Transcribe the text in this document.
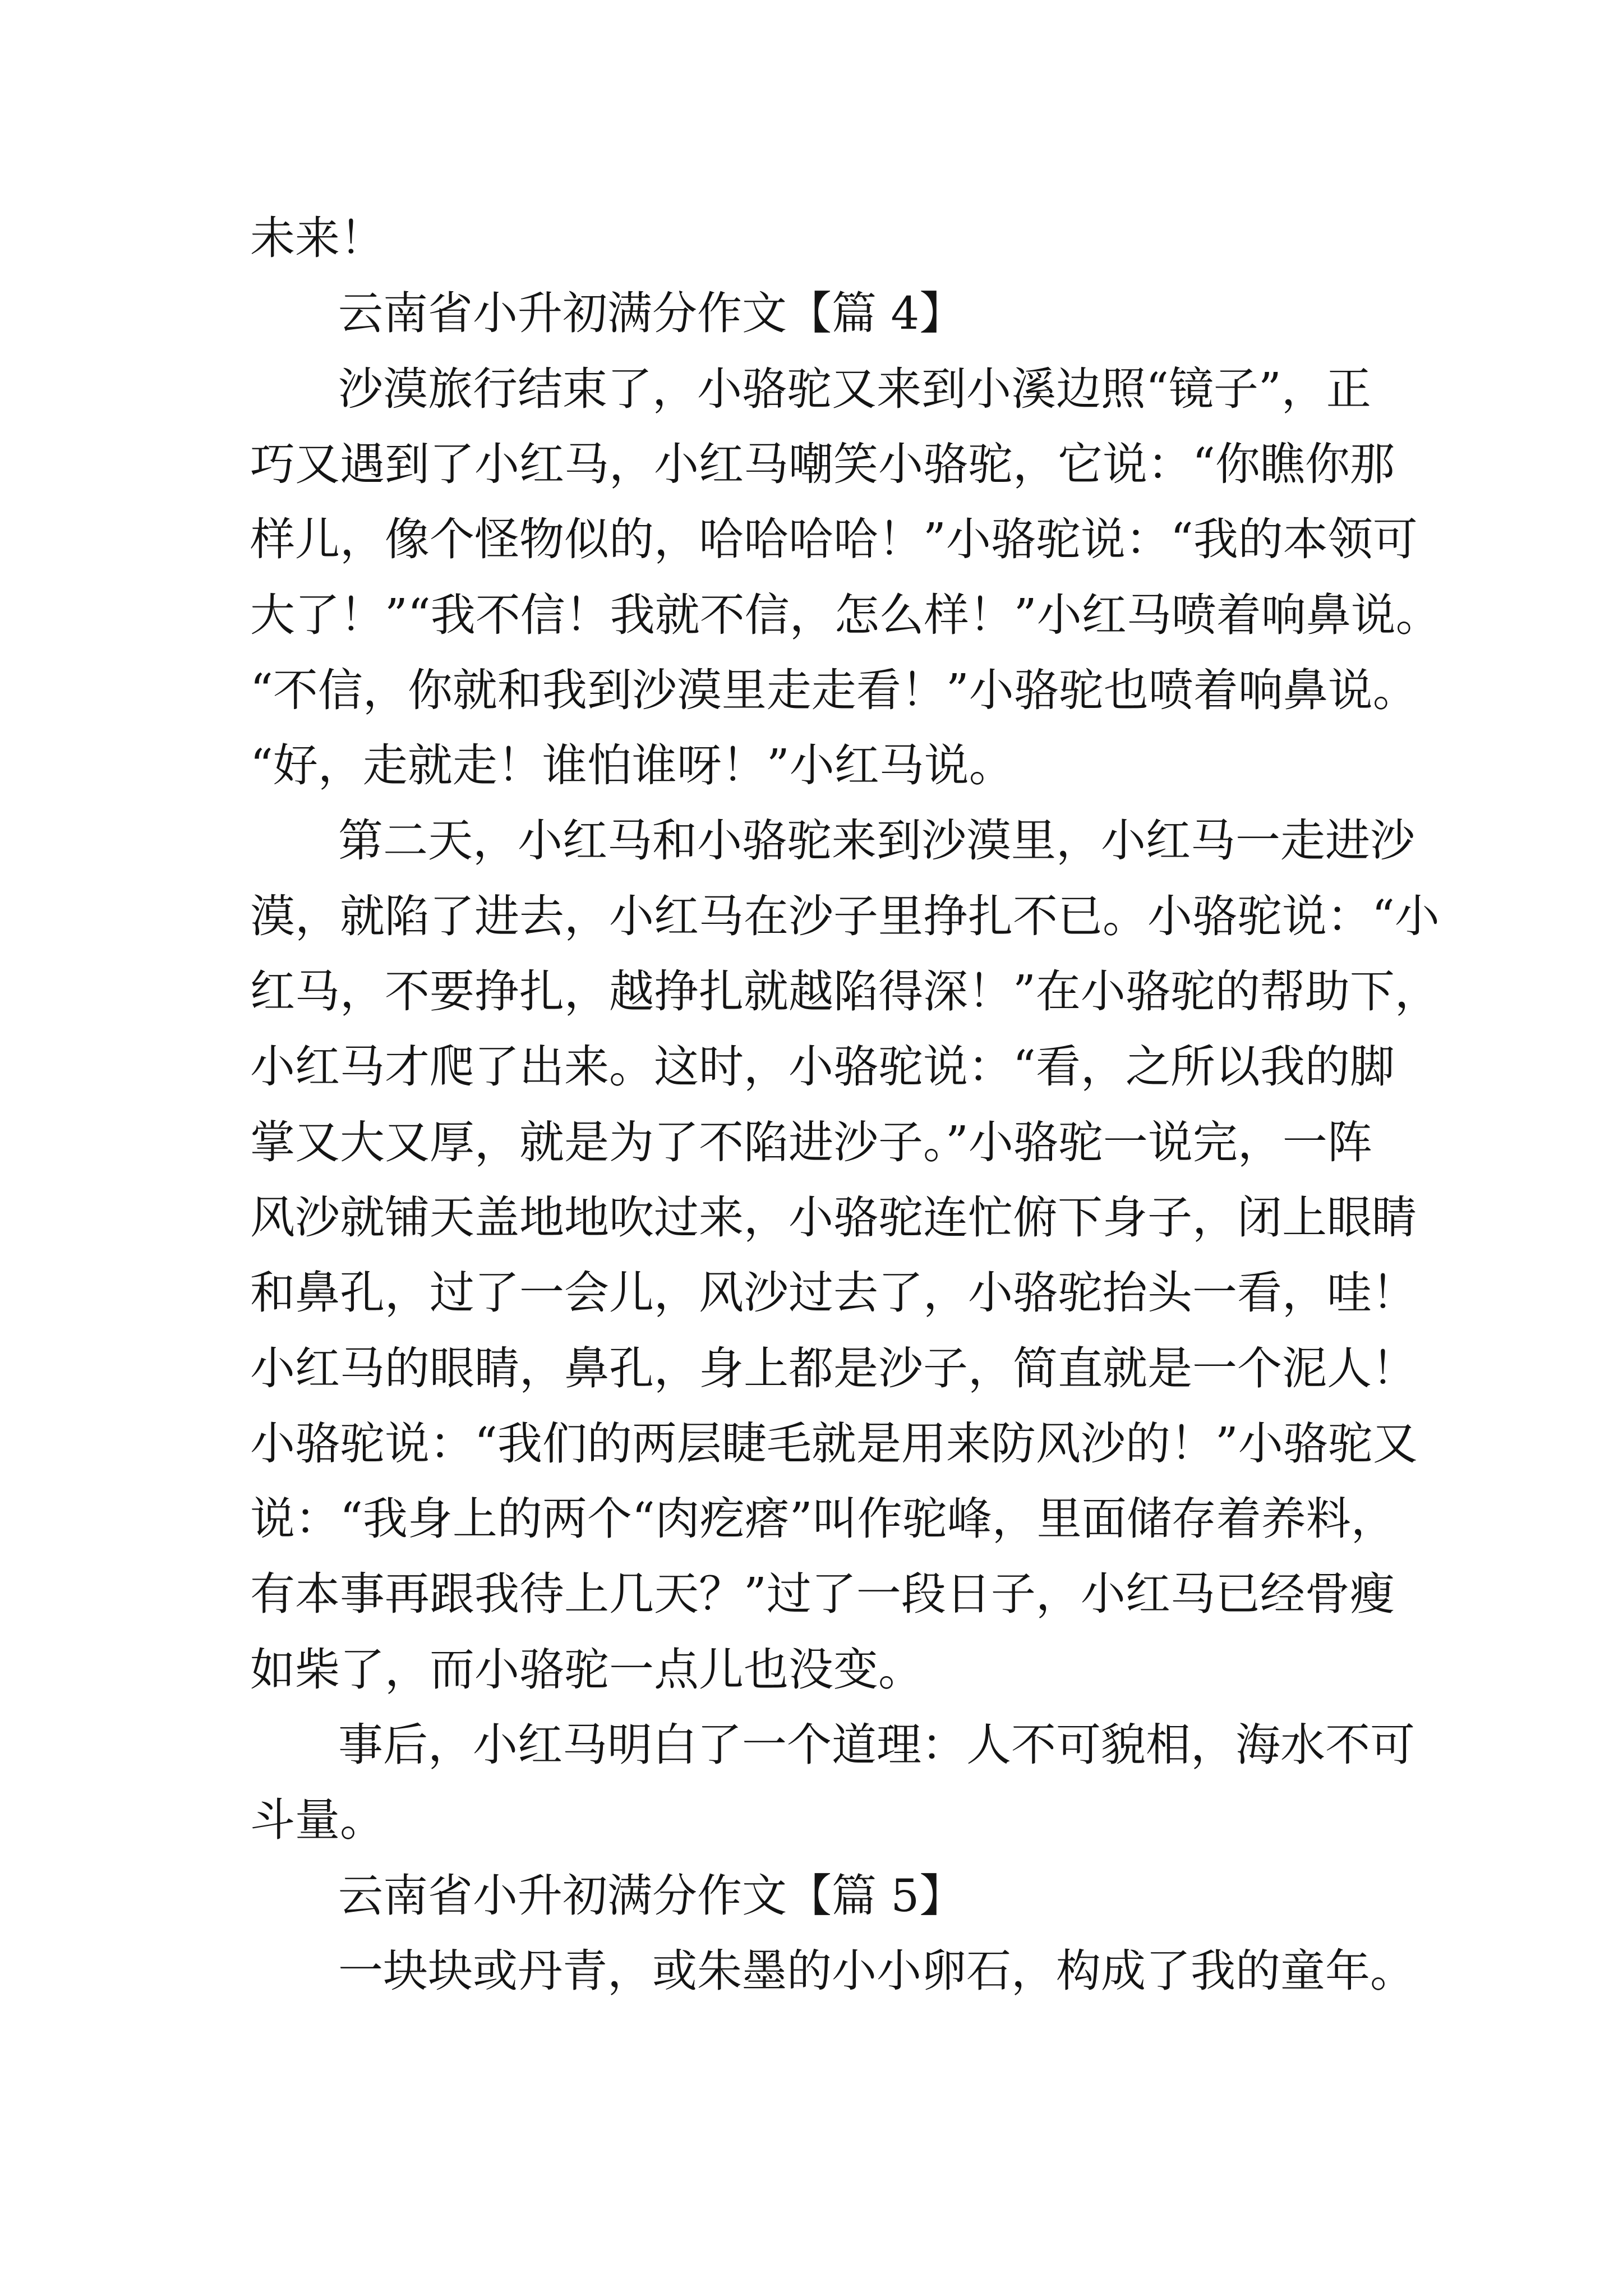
未来！
云南省小升初满分作文【篇 4】
沙漠旅行结束了，小骆驼又来到小溪边照“镜子”，正
巧又遇到了小红马，小红马嘲笑小骆驼，它说：“你瞧你那
样儿，像个怪物似的，哈哈哈哈！”小骆驼说：“我的本领可
大了！”“我不信！我就不信，怎么样！”小红马喷着响鼻说。
“不信，你就和我到沙漠里走走看！”小骆驼也喷着响鼻说。
“好，走就走！谁怕谁呀！”小红马说。
第二天，小红马和小骆驼来到沙漠里，小红马一走进沙
漠，就陷了进去，小红马在沙子里挣扎不已。小骆驼说：“小
红马，不要挣扎，越挣扎就越陷得深！”在小骆驼的帮助下，
小红马才爬了出来。这时，小骆驼说：“看，之所以我的脚
掌又大又厚，就是为了不陷进沙子。”小骆驼一说完，一阵
风沙就铺天盖地地吹过来，小骆驼连忙俯下身子，闭上眼睛
和鼻孔，过了一会儿，风沙过去了，小骆驼抬头一看，哇！
小红马的眼睛，鼻孔，身上都是沙子，简直就是一个泥人！
小骆驼说：“我们的两层睫毛就是用来防风沙的！”小骆驼又
说：“我身上的两个“肉疙瘩”叫作驼峰，里面储存着养料，
有本事再跟我待上几天？”过了一段日子，小红马已经骨瘦
如柴了，而小骆驼一点儿也没变。
事后，小红马明白了一个道理：人不可貌相，海水不可
斗量。
云南省小升初满分作文【篇 5】
一块块或丹青，或朱墨的小小卵石，构成了我的童年。
